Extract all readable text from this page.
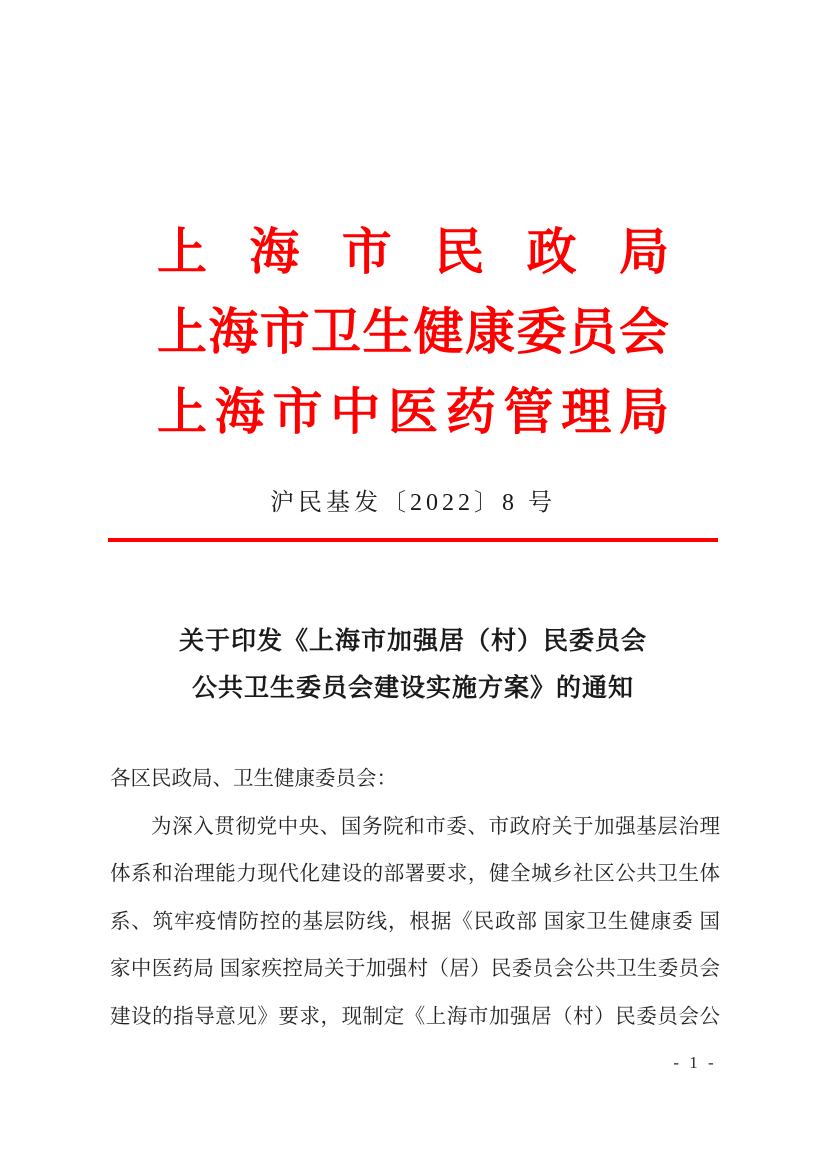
上海市民政局
上海市卫生健康委员会
上海市中医药管理局
沪民基发〔2022〕8 号
关于印发《上海市加强居（村）民委员会
公共卫生委员会建设实施方案》的通知
各区民政局、卫生健康委员会：
为深入贯彻党中央、国务院和市委、市政府关于加强基层治理
体系和治理能力现代化建设的部署要求，健全城乡社区公共卫生体
系、筑牢疫情防控的基层防线，根据《民政部 国家卫生健康委 国
家中医药局 国家疾控局关于加强村（居）民委员会公共卫生委员会
建设的指导意见》要求，现制定《上海市加强居（村）民委员会公
- 1 -
